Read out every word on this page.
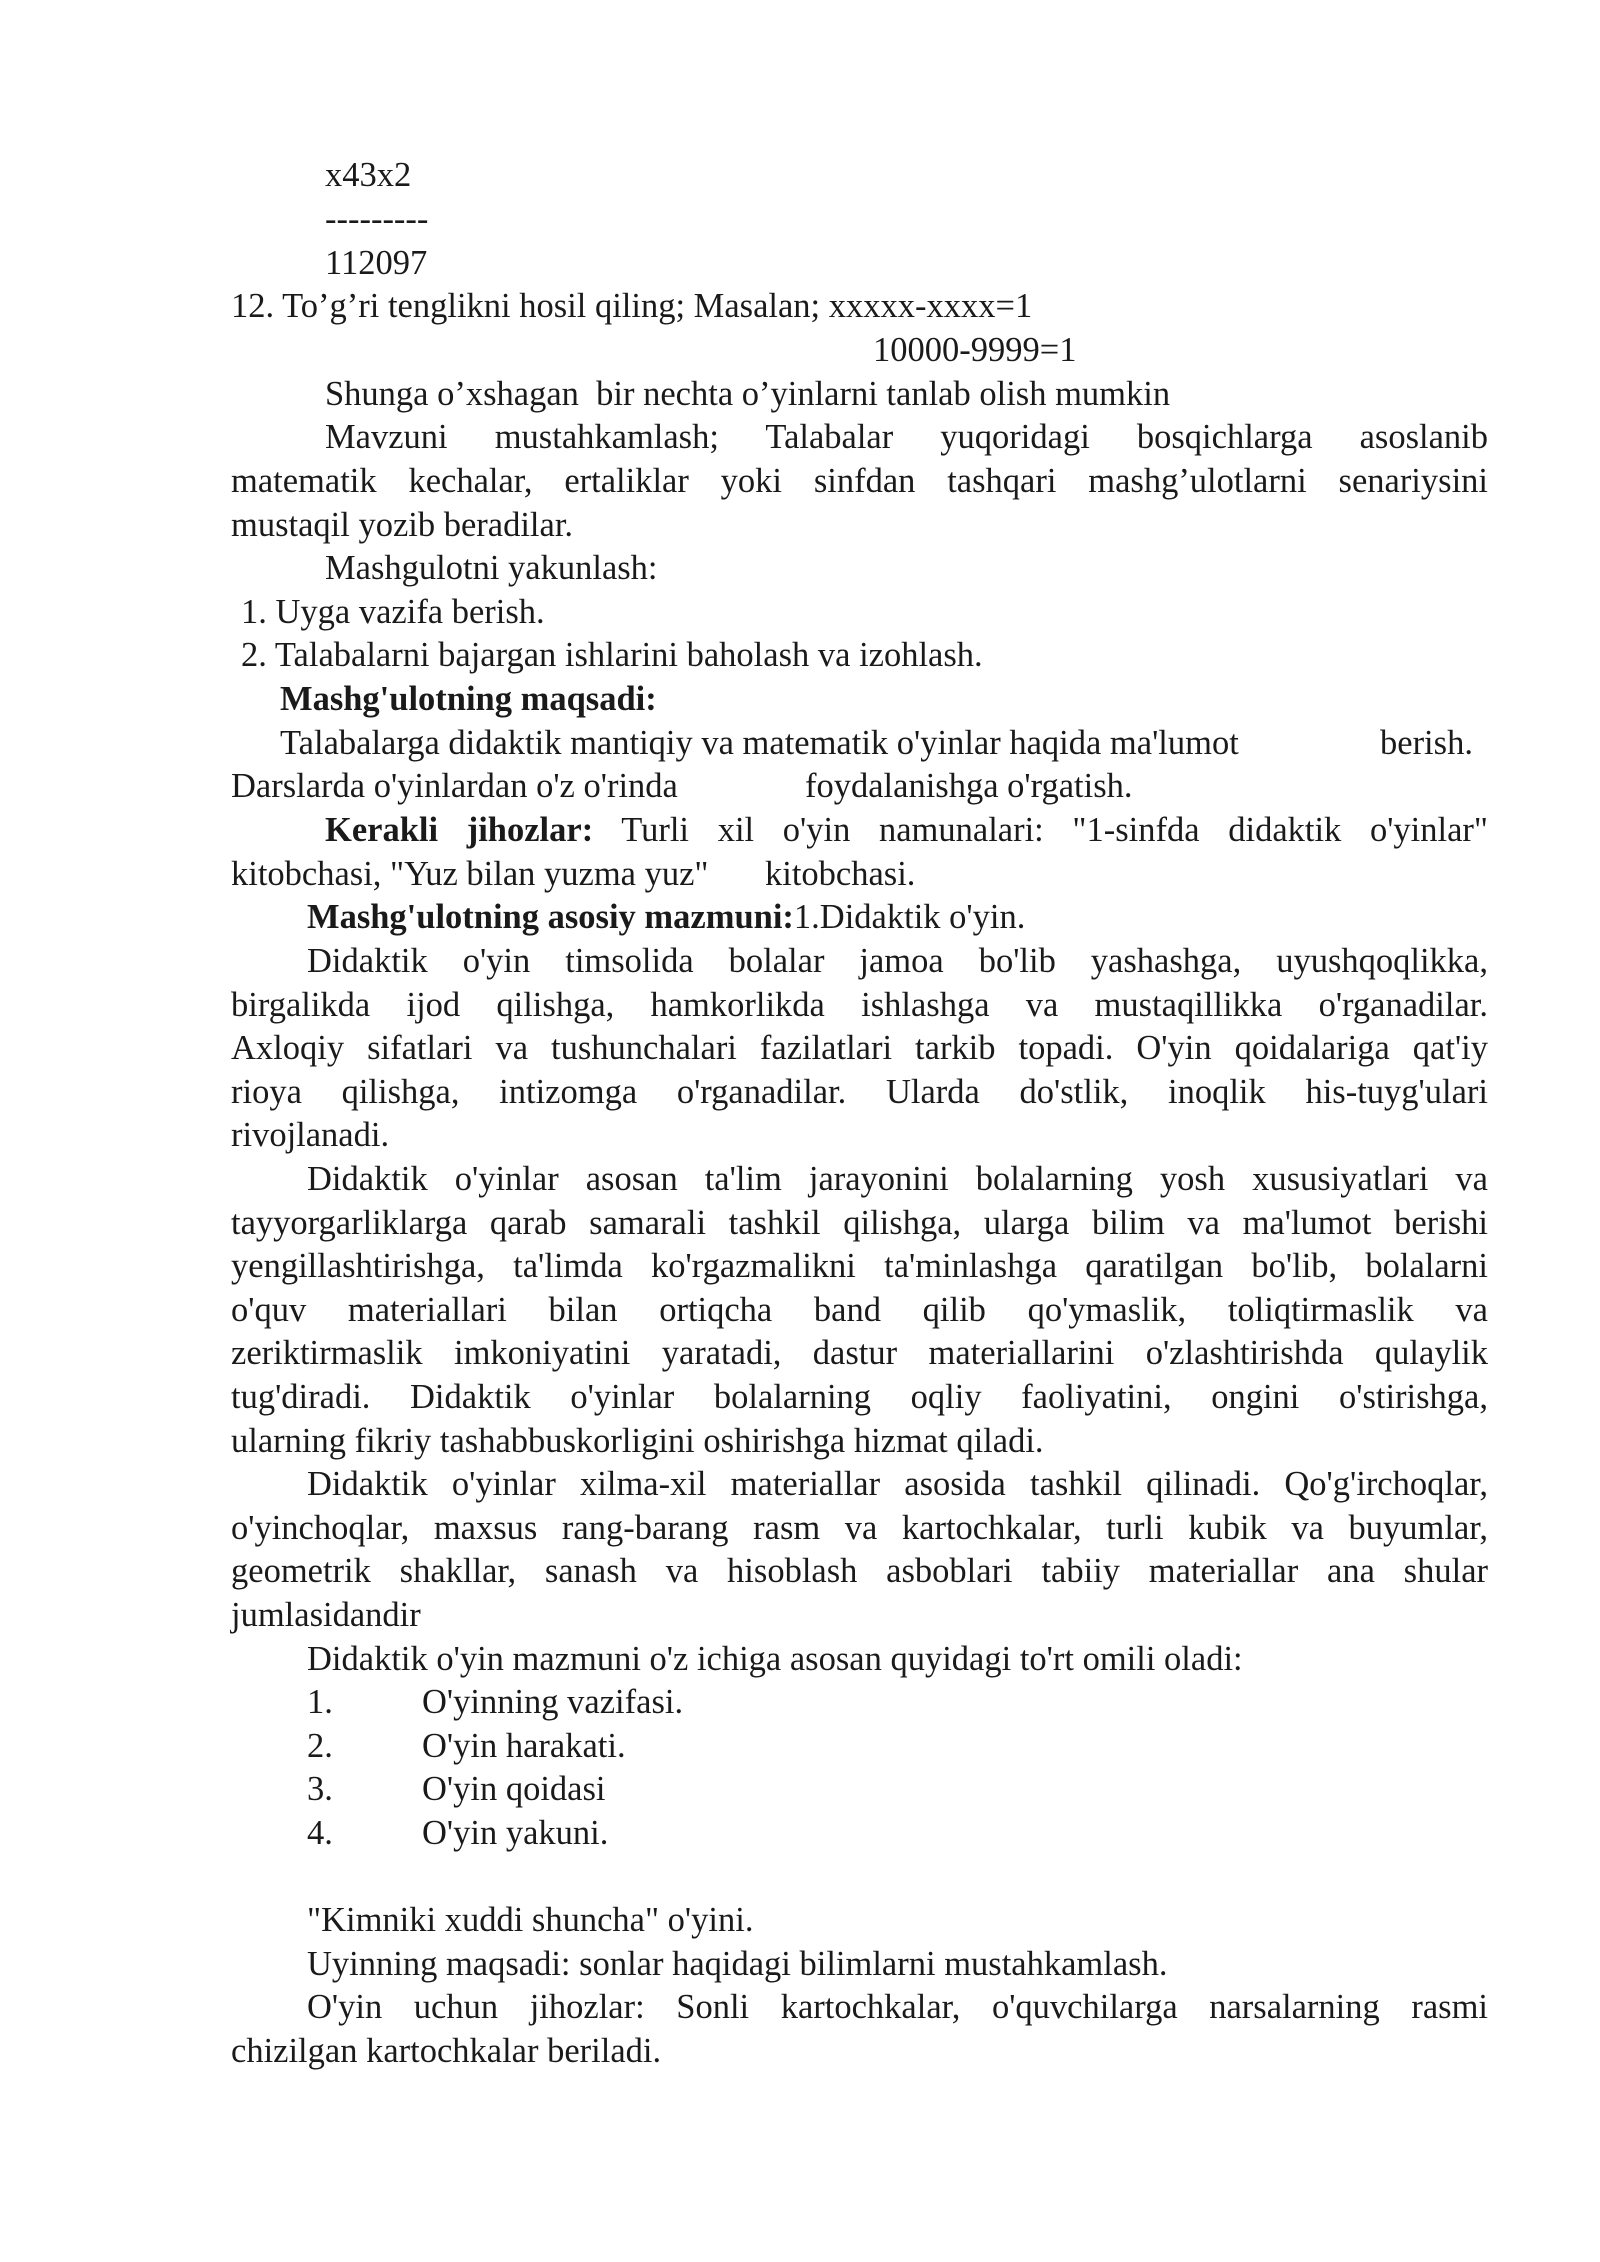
x43x2
---------
112097
12. To’g’ri tenglikni hosil qiling; Masalan; xxxxx-xxxx=1
10000-9999=1
Shunga o’xshagan  bir nechta o’yinlarni tanlab olish mumkin
Mavzuni mustahkamlash; Talabalar yuqoridagi bosqichlarga asoslanib
matematik kechalar, ertaliklar yoki sinfdan tashqari mashg’ulotlarni senariysini
mustaqil yozib beradilar.
Mashgulotni yakunlash:
1. Uyga vazifa berish.
2. Talabalarni bajargan ishlarini baholash va izohlash.
Mashg'ulotning maqsadi:
Talabalarga didaktik mantiqiy va matematik o'yinlar haqida ma'lumot	berish.
Darslarda o'yinlardan o'z o'rinda	foydalanishga o'rgatish.
Kerakli jihozlar: Turli xil o'yin namunalari: "1-sinfda didaktik o'yinlar"
kitobchasi, "Yuz bilan yuzma yuz" kitobchasi.
Mashg'ulotning asosiy mazmuni:1.Didaktik o'yin.
Didaktik o'yin timsolida bolalar jamoa bo'lib yashashga, uyushqoqlikka,
birgalikda ijod qilishga, hamkorlikda ishlashga va mustaqillikka o'rganadilar.
Axloqiy sifatlari va tushunchalari fazilatlari tarkib topadi. O'yin qoidalariga qat'iy
rioya qilishga, intizomga o'rganadilar. Ularda do'stlik, inoqlik his-tuyg'ulari
rivojlanadi.
Didaktik o'yinlar asosan ta'lim jarayonini bolalarning yosh xususiyatlari va
tayyorgarliklarga qarab samarali tashkil qilishga, ularga bilim va ma'lumot berishi
yengillashtirishga, ta'limda ko'rgazmalikni ta'minlashga qaratilgan bo'lib, bolalarni
o'quv materiallari bilan ortiqcha band qilib qo'ymaslik, toliqtirmaslik va
zeriktirmaslik imkoniyatini yaratadi, dastur materiallarini o'zlashtirishda qulaylik
tug'diradi. Didaktik o'yinlar bolalarning oqliy faoliyatini, ongini o'stirishga,
ularning fikriy tashabbuskorligini oshirishga hizmat qiladi.
Didaktik o'yinlar xilma-xil materiallar asosida tashkil qilinadi. Qo'g'irchoqlar,
o'yinchoqlar, maxsus rang-barang rasm va kartochkalar, turli kubik va buyumlar,
geometrik shakllar, sanash va hisoblash asboblari tabiiy materiallar ana shular
jumlasidandir
Didaktik o'yin mazmuni o'z ichiga asosan quyidagi to'rt omili oladi:
1.	O'yinning vazifasi.
2.	O'yin harakati.
3.	O'yin qoidasi
4.	O'yin yakuni.
"Kimniki xuddi shuncha" o'yini.
Uyinning maqsadi: sonlar haqidagi bilimlarni mustahkamlash.
O'yin uchun jihozlar: Sonli kartochkalar, o'quvchilarga narsalarning rasmi
chizilgan kartochkalar beriladi.
